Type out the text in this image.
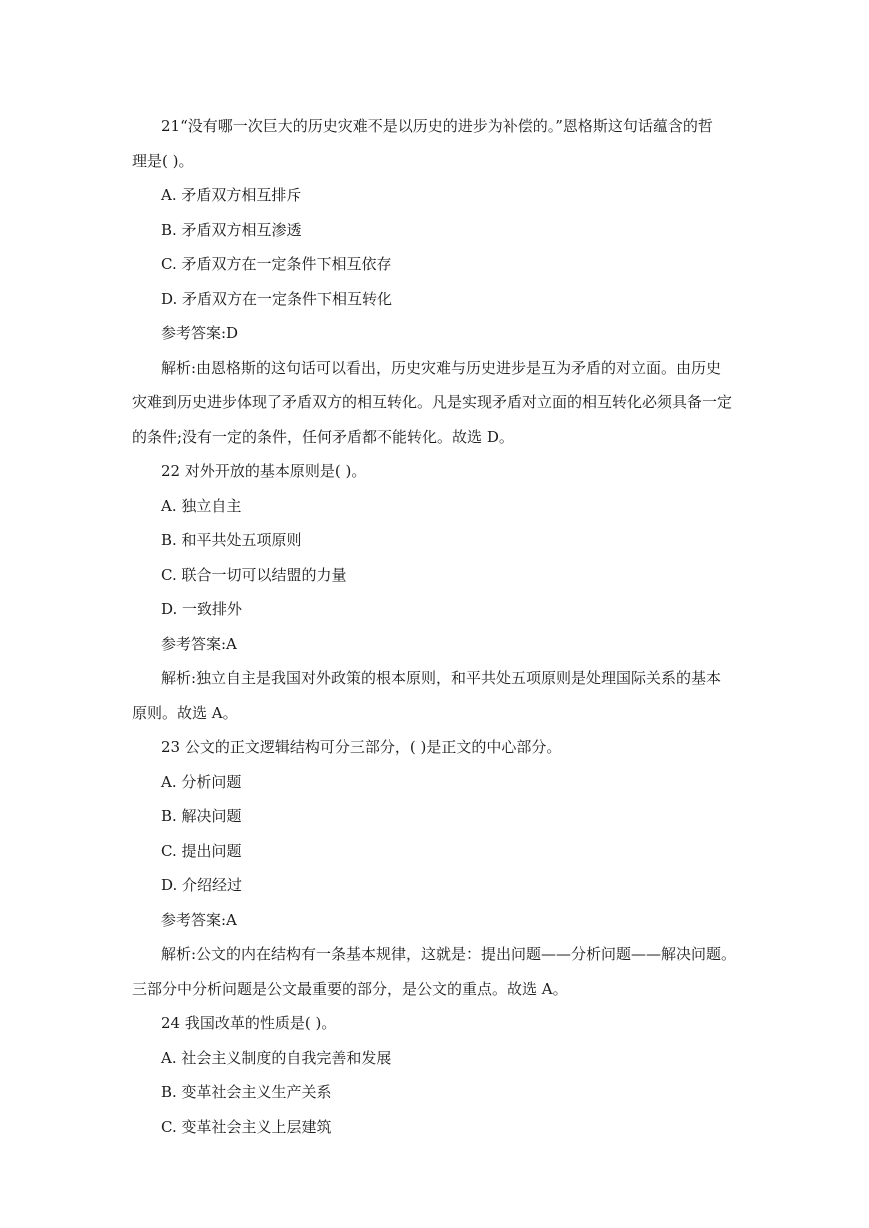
21“没有哪一次巨大的历史灾难不是以历史的进步为补偿的。”恩格斯这句话蕴含的哲
理是( )。
A. 矛盾双方相互排斥
B. 矛盾双方相互渗透
C. 矛盾双方在一定条件下相互依存
D. 矛盾双方在一定条件下相互转化
参考答案:D
解析:由恩格斯的这句话可以看出，历史灾难与历史进步是互为矛盾的对立面。由历史
灾难到历史进步体现了矛盾双方的相互转化。凡是实现矛盾对立面的相互转化必须具备一定
的条件;没有一定的条件，任何矛盾都不能转化。故选 D。
22 对外开放的基本原则是( )。
A. 独立自主
B. 和平共处五项原则
C. 联合一切可以结盟的力量
D. 一致排外
参考答案:A
解析:独立自主是我国对外政策的根本原则，和平共处五项原则是处理国际关系的基本
原则。故选 A。
23 公文的正文逻辑结构可分三部分，( )是正文的中心部分。
A. 分析问题
B. 解决问题
C. 提出问题
D. 介绍经过
参考答案:A
解析:公文的内在结构有一条基本规律，这就是：提出问题——分析问题——解决问题。
三部分中分析问题是公文最重要的部分，是公文的重点。故选 A。
24 我国改革的性质是( )。
A. 社会主义制度的自我完善和发展
B. 变革社会主义生产关系
C. 变革社会主义上层建筑
